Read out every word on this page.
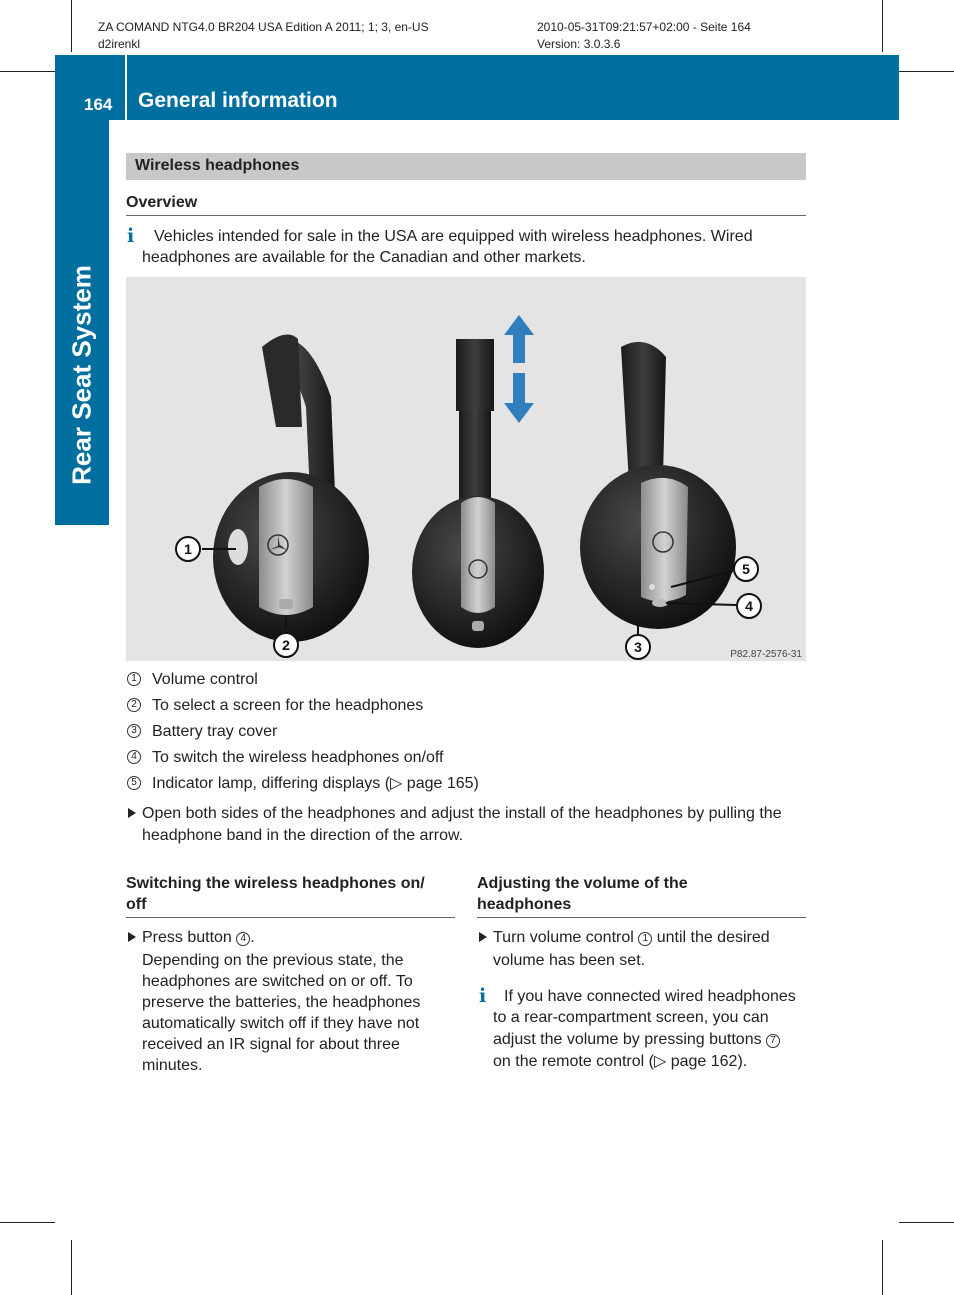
ZA COMAND NTG4.0 BR204 USA Edition A 2011; 1; 3, en-US
d2irenkl
2010-05-31T09:21:57+02:00 - Seite 164
Version: 3.0.3.6
164 General information
Rear Seat System
Wireless headphones
Overview
i	Vehicles intended for sale in the USA are equipped with wireless headphones. Wired
headphones are available for the Canadian and other markets.
1
2	3
4
5
P82.87-2576-31
1 Volume control
2 To select a screen for the headphones
3 Battery tray cover
4 To switch the wireless headphones on/off
5 Indicator lamp, differing displays (▷ page 165)
Open both sides of the headphones and adjust the install of the headphones by pulling the
headphone band in the direction of the arrow.
Switching the wireless headphones on/
off
Press button 4 .
Depending on the previous state, the
headphones are switched on or off. To
preserve the batteries, the headphones
automatically switch off if they have not
received an IR signal for about three
minutes.
Adjusting the volume of the
headphones
Turn volume control 1 until the desired
volume has been set.
i	If you have connected wired headphones
to a rear-compartment screen, you can
adjust the volume by pressing buttons 7
on the remote control (▷ page 162).
